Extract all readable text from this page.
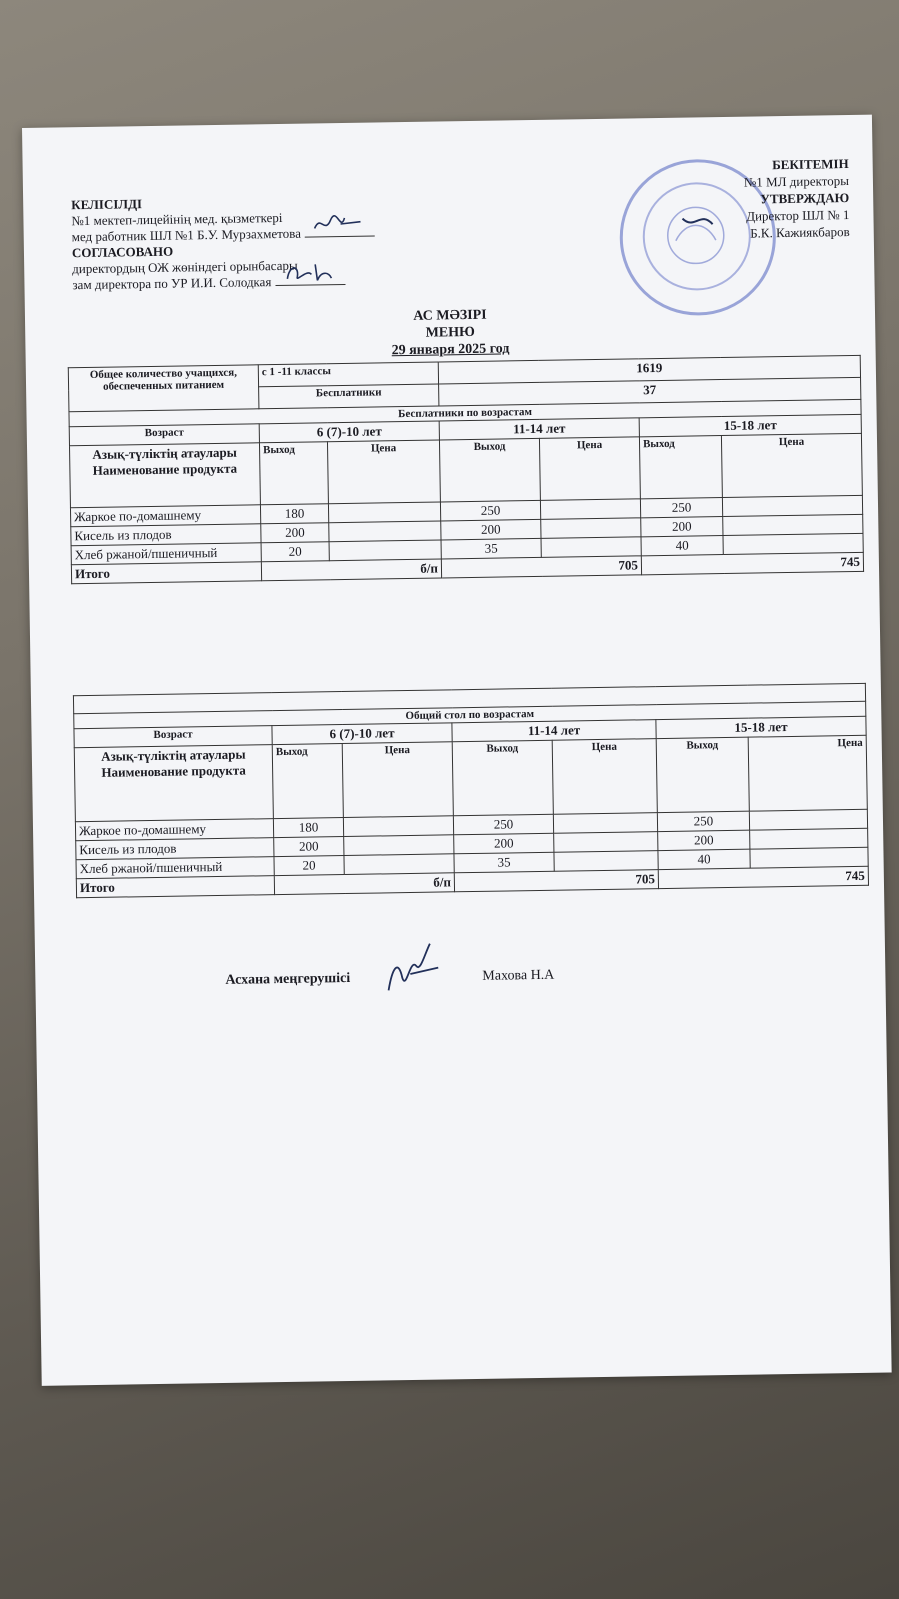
КЕЛІСІЛДІ
№1 мектеп-лицейінің мед. қызметкері
мед работник ШЛ №1 Б.У. Мурзахметова
СОГЛАСОВАНО
директордың ОЖ жөніндегі орынбасары
зам директора по УР И.И. Солодкая
БЕКІТЕМІН
№1 МЛ директоры
УТВЕРЖДАЮ
Директор ШЛ № 1
Б.К. Кажиякбаров
АС МӘЗІРІ
МЕНЮ
29 января 2025 год
Общее количество учащихся, обеспеченных питанием	с 1 -11 классы		1619			
	Бесплатники		37			
Бесплатники по возрастам						
Возраст	6 (7)-10 лет		11-14 лет		15-18 лет	
Азық-түліктің атаулары Наименование продукта	Выход	Цена	Выход	Цена	Выход	Цена
Жаркое по-домашнему	180		250		250	
Кисель из плодов	200		200		200	
Хлеб ржаной/пшеничный	20		35		40	
Итого	б/п		705		745	

Общий стол по возрастам						
Возраст	6 (7)-10 лет		11-14 лет		15-18 лет	
Азық-түліктің атаулары Наименование продукта	Выход	Цена	Выход	Цена	Выход	Цена
Жаркое по-домашнему	180		250		250	
Кисель из плодов	200		200		200	
Хлеб ржаной/пшеничный	20		35		40	
Итого	б/п		705		745	
Асхана меңгерушісі	Махова Н.А
